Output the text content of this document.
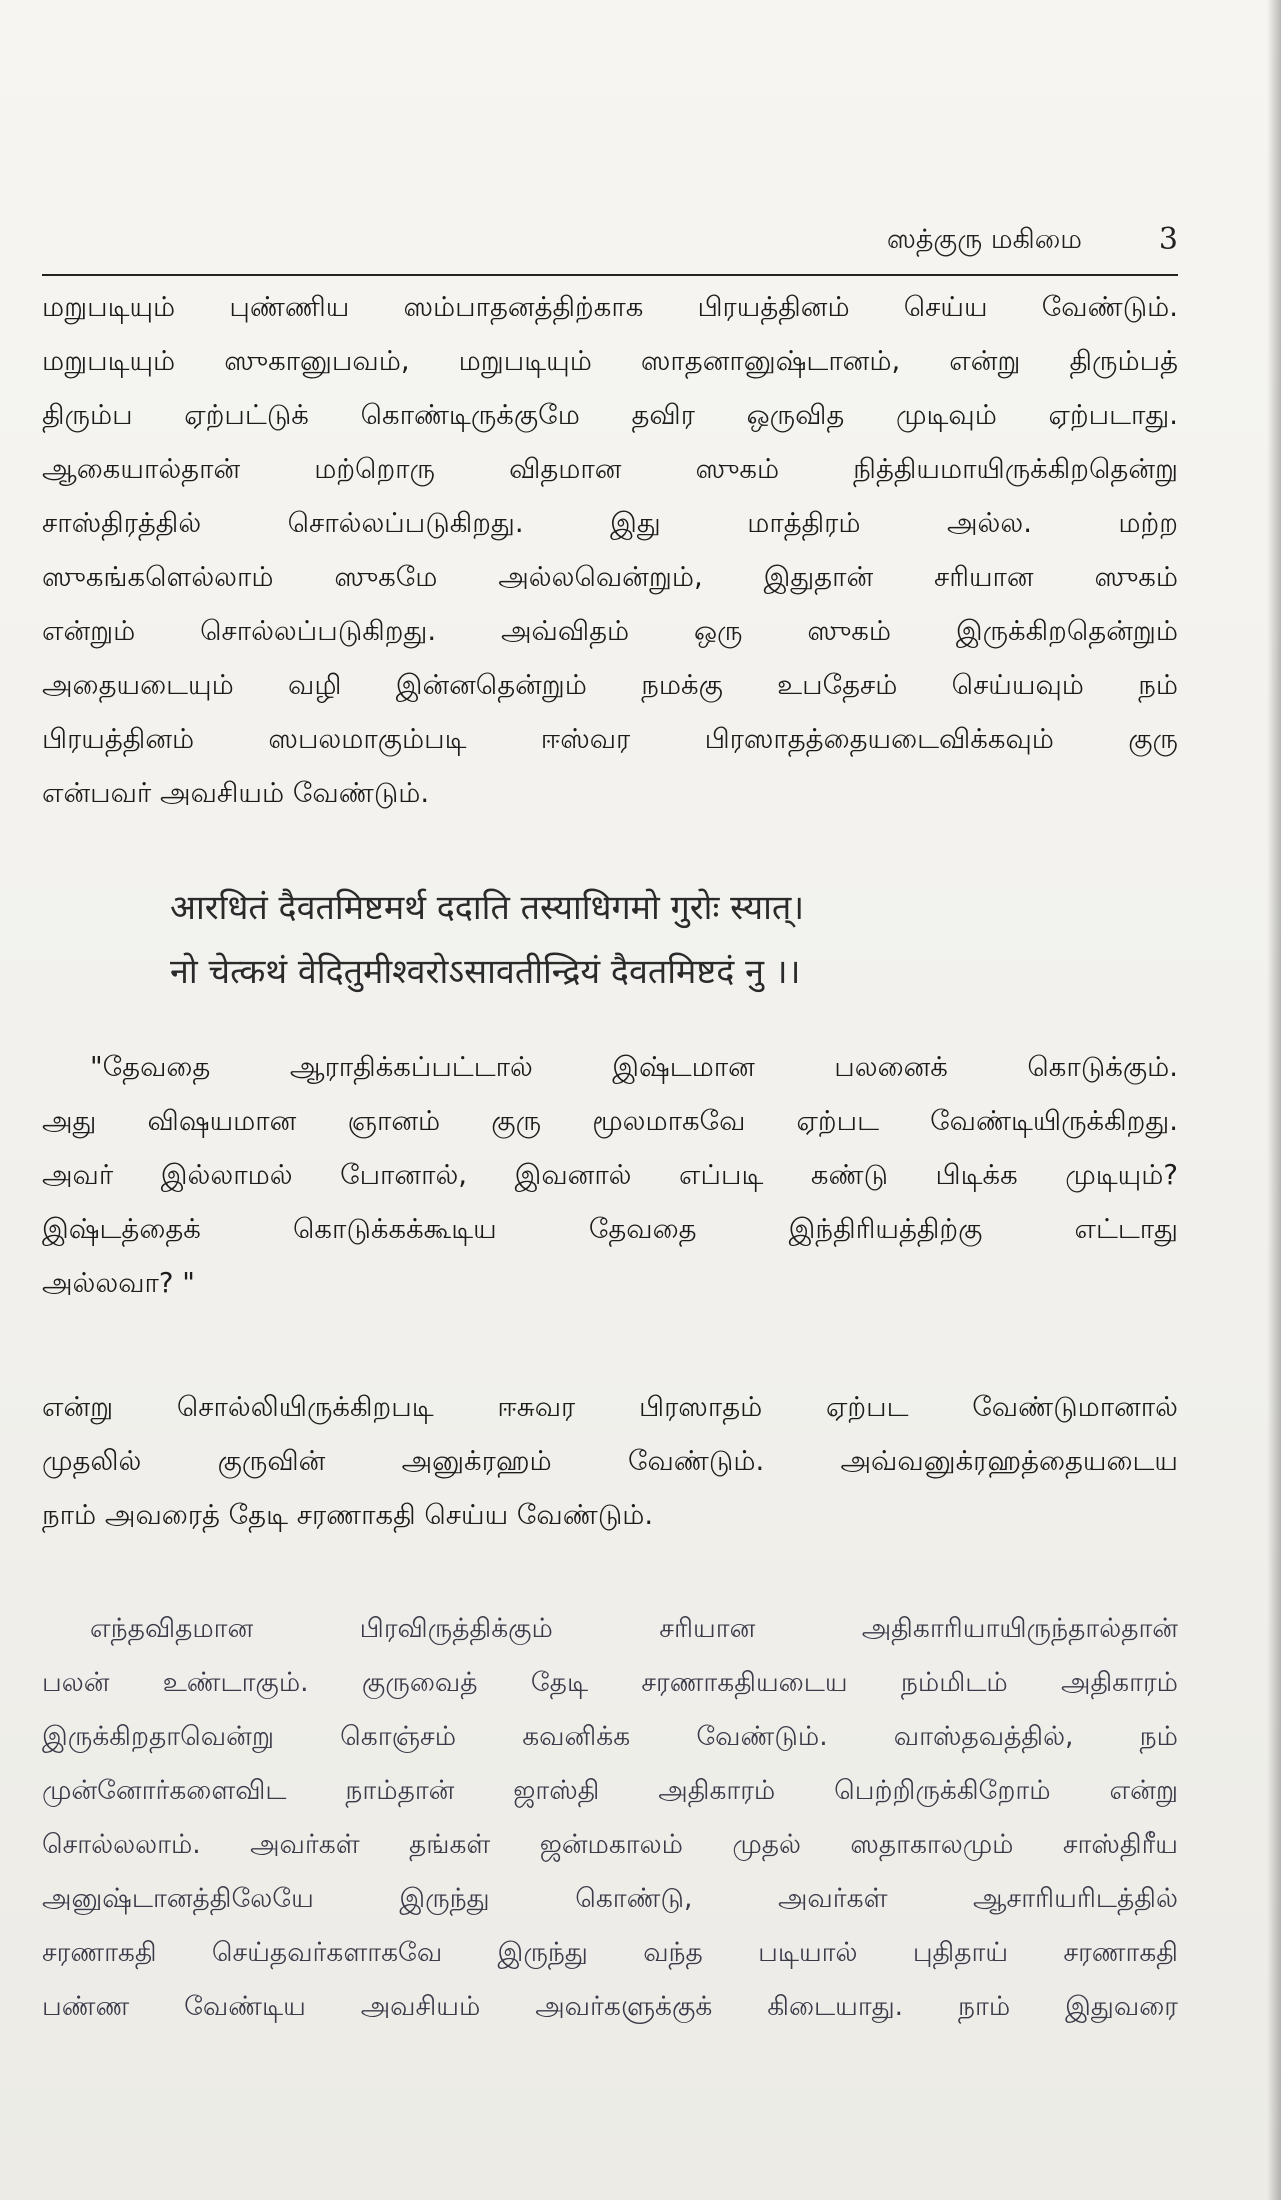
ஸத்குரு மகிமை	3
மறுபடியும் புண்ணிய ஸம்பாதனத்திற்காக பிரயத்தினம் செய்ய வேண்டும்.
மறுபடியும் ஸுகானுபவம், மறுபடியும் ஸாதனானுஷ்டானம், என்று திரும்பத்
திரும்ப ஏற்பட்டுக் கொண்டிருக்குமே தவிர ஒருவித முடிவும் ஏற்படாது.
ஆகையால்தான் மற்றொரு விதமான ஸுகம் நித்தியமாயிருக்கிறதென்று
சாஸ்திரத்தில் சொல்லப்படுகிறது. இது மாத்திரம் அல்ல. மற்ற
ஸுகங்களெல்லாம் ஸுகமே அல்லவென்றும், இதுதான் சரியான ஸுகம்
என்றும் சொல்லப்படுகிறது. அவ்விதம் ஒரு ஸுகம் இருக்கிறதென்றும்
அதையடையும் வழி இன்னதென்றும் நமக்கு உபதேசம் செய்யவும் நம்
பிரயத்தினம் ஸபலமாகும்படி ஈஸ்வர பிரஸாதத்தையடைவிக்கவும் குரு
என்பவர் அவசியம் வேண்டும்.
आरधितं दैवतमिष्टमर्थ ददाति तस्याधिगमो गुरोः स्यात्।
नो चेत्कथं वेदितुमीश्वरोऽसावतीन्द्रियं दैवतमिष्टदं नु ।।
"தேவதை ஆராதிக்கப்பட்டால் இஷ்டமான பலனைக் கொடுக்கும்.
அது விஷயமான ஞானம் குரு மூலமாகவே ஏற்பட வேண்டியிருக்கிறது.
அவர் இல்லாமல் போனால், இவனால் எப்படி கண்டு பிடிக்க முடியும்?
இஷ்டத்தைக் கொடுக்கக்கூடிய தேவதை இந்திரியத்திற்கு எட்டாது
அல்லவா? "
என்று சொல்லியிருக்கிறபடி ஈசுவர பிரஸாதம் ஏற்பட வேண்டுமானால்
முதலில் குருவின் அனுக்ரஹம் வேண்டும். அவ்வனுக்ரஹத்தையடைய
நாம் அவரைத் தேடி சரணாகதி செய்ய வேண்டும்.
எந்தவிதமான பிரவிருத்திக்கும் சரியான அதிகாரியாயிருந்தால்தான்
பலன் உண்டாகும். குருவைத் தேடி சரணாகதியடைய நம்மிடம் அதிகாரம்
இருக்கிறதாவென்று கொஞ்சம் கவனிக்க வேண்டும். வாஸ்தவத்தில், நம்
முன்னோர்களைவிட நாம்தான் ஜாஸ்தி அதிகாரம் பெற்றிருக்கிறோம் என்று
சொல்லலாம். அவர்கள் தங்கள் ஜன்மகாலம் முதல் ஸதாகாலமும் சாஸ்திரீய
அனுஷ்டானத்திலேயே இருந்து கொண்டு, அவர்கள் ஆசாரியரிடத்தில்
சரணாகதி செய்தவர்களாகவே இருந்து வந்த படியால் புதிதாய் சரணாகதி
பண்ண வேண்டிய அவசியம் அவர்களுக்குக் கிடையாது. நாம் இதுவரை
